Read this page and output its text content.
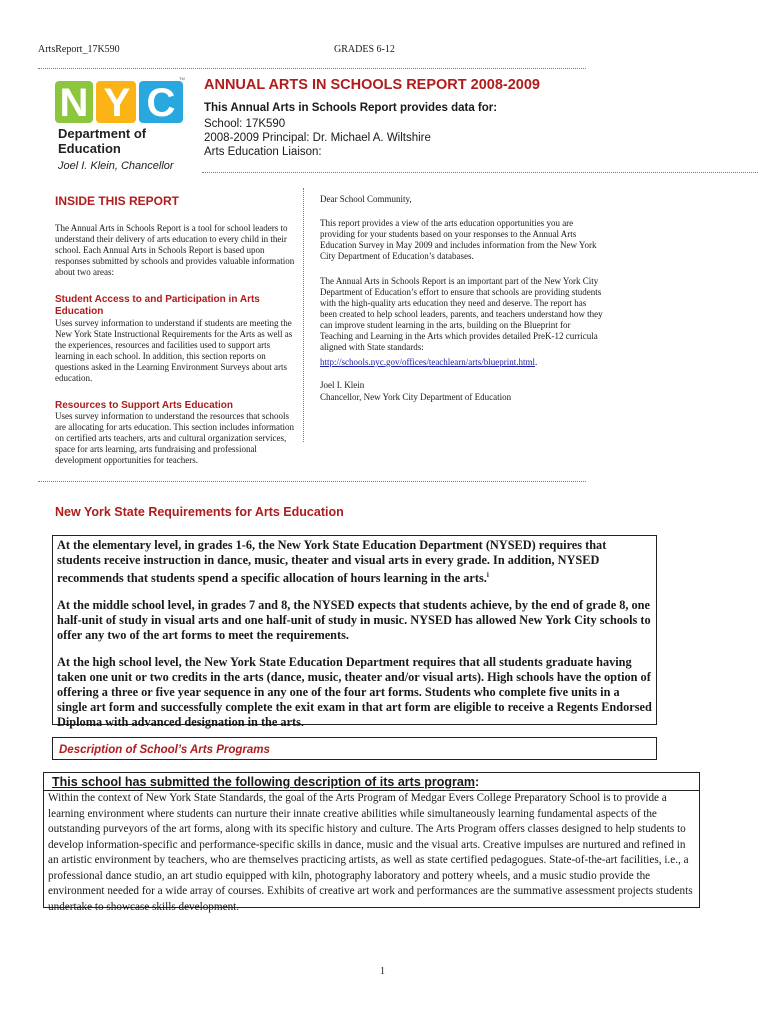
ArtsReport_17K590	GRADES 6-12
N Y C
TM
Department of
Education
Joel I. Klein, Chancellor
ANNUAL ARTS IN SCHOOLS REPORT 2008-2009
This Annual Arts in Schools Report provides data for:
School: 17K590
2008-2009 Principal: Dr. Michael A. Wiltshire
Arts Education Liaison:
INSIDE THIS REPORT
The Annual Arts in Schools Report is a tool for school leaders to understand their delivery of arts education to every child in their school. Each Annual Arts in Schools Report is based upon responses submitted by schools and provides valuable information about two areas:
Student Access to and Participation in Arts Education
Uses survey information to understand if students are meeting the New York State Instructional Requirements for the Arts as well as the experiences, resources and facilities used to support arts learning in each school. In addition, this section reports on questions asked in the Learning Environment Surveys about arts education.
Resources to Support Arts Education
Uses survey information to understand the resources that schools are allocating for arts education. This section includes information on certified arts teachers, arts and cultural organization services, space for arts learning, arts fundraising and professional development opportunities for teachers.
Dear School Community,
This report provides a view of the arts education opportunities you are providing for your students based on your responses to the Annual Arts Education Survey in May 2009 and includes information from the New York City Department of Education’s databases.
The Annual Arts in Schools Report is an important part of the New York City Department of Education’s effort to ensure that schools are providing students with the high-quality arts education they need and deserve. The report has been created to help school leaders, parents, and teachers understand how they can improve student learning in the arts, building on the Blueprint for Teaching and Learning in the Arts which provides detailed PreK-12 curricula aligned with State standards:
http://schools.nyc.gov/offices/teachlearn/arts/blueprint.html.
Joel I. Klein
Chancellor, New York City Department of Education
New York State Requirements for Arts Education

At the elementary level, in grades 1-6, the New York State Education Department (NYSED) requires that students receive instruction in dance, music, theater and visual arts in every grade. In addition, NYSED recommends that students spend a specific allocation of hours learning in the arts.$^i$

At the middle school level, in grades 7 and 8, the NYSED expects that students achieve, by the end of grade 8, one half-unit of study in visual arts and one half-unit of study in music. NYSED has allowed New York City schools to offer any two of the art forms to meet the requirements.

At the high school level, the New York State Education Department requires that all students graduate having taken one unit or two credits in the arts (dance, music, theater and/or visual arts). High schools have the option of offering a three or five year sequence in any one of the four art forms. Students who complete five units in a single art form and successfully complete the exit exam in that art form are eligible to receive a Regents Endorsed Diploma with advanced designation in the arts.

Description of School’s Arts Programs
This school has submitted the following description of its arts program:
Within the context of New York State Standards, the goal of the Arts Program of Medgar Evers College Preparatory School is to provide a learning environment where students can nurture their innate creative abilities while simultaneously learning fundamental aspects of the outstanding purveyors of the art forms, along with its specific history and culture. The Arts Program offers classes designed to help students to develop information-specific and performance-specific skills in dance, music and the visual arts. Creative impulses are nurtured and refined in an artistic environment by teachers, who are themselves practicing artists, as well as state certified pedagogues. State-of-the-art facilities, i.e., a professional dance studio, an art studio equipped with kiln, photography laboratory and pottery wheels, and a music studio provide the environment needed for a wide array of courses. Exhibits of creative art work and performances are the summative assessment projects students undertake to showcase skills development.
1
